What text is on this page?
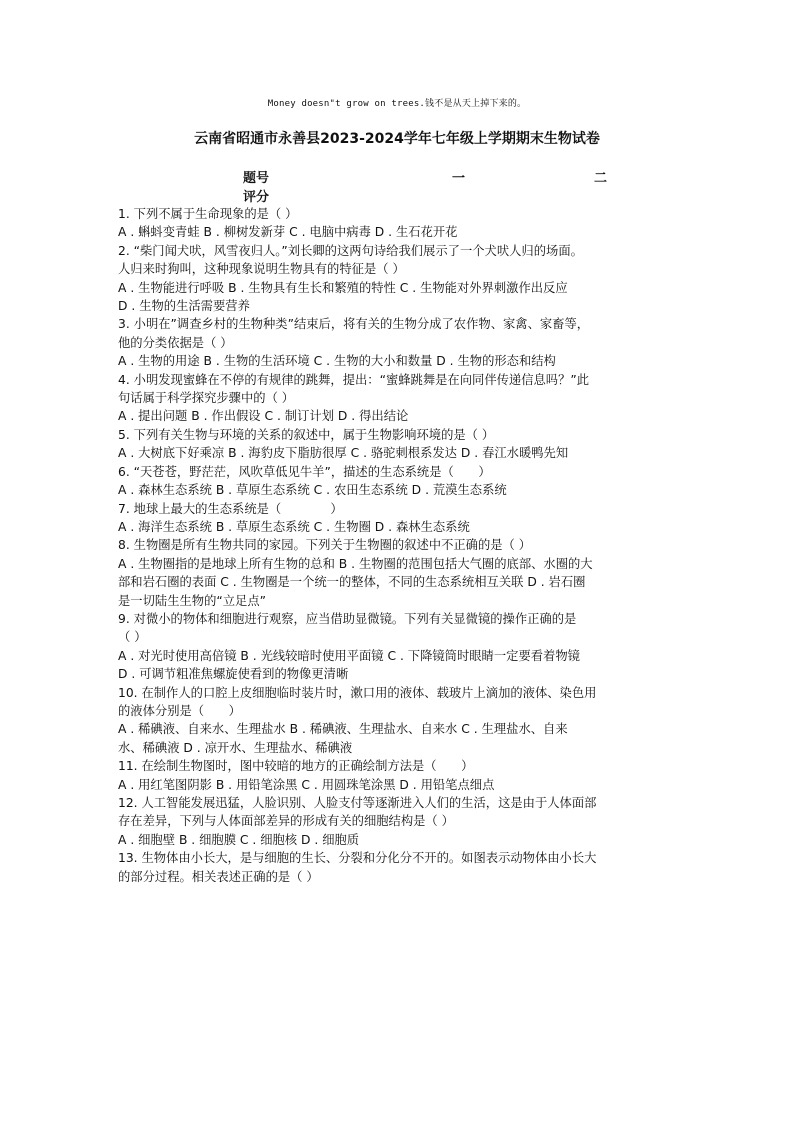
Money doesn"t grow on trees.钱不是从天上掉下来的。
云南省昭通市永善县2023-2024学年七年级上学期期末生物试卷
题号	一	二
评分

1. 下列不属于生命现象的是（ ）

A . 蝌蚪变青蛙 B . 柳树发新芽 C . 电脑中病毒 D . 生石花开花

2. “柴门闻犬吠，风雪夜归人。”刘长卿的这两句诗给我们展示了一个犬吠人归的场面。

人归来时狗叫，这种现象说明生物具有的特征是（ ）

A . 生物能进行呼吸 B . 生物具有生长和繁殖的特性 C . 生物能对外界刺激作出反应

D . 生物的生活需要营养

3. 小明在”调查乡村的生物种类”结束后，将有关的生物分成了农作物、家禽、家畜等，

他的分类依据是（ ）

A . 生物的用途 B . 生物的生活环境 C . 生物的大小和数量 D . 生物的形态和结构

4. 小明发现蜜蜂在不停的有规律的跳舞，提出：“蜜蜂跳舞是在向同伴传递信息吗？”此

句话属于科学探究步骤中的（ ）

A . 提出问题 B . 作出假设 C . 制订计划 D . 得出结论

5. 下列有关生物与环境的关系的叙述中，属于生物影响环境的是（ ）

A . 大树底下好乘凉 B . 海豹皮下脂肪很厚 C . 骆驼刺根系发达 D . 春江水暖鸭先知

6. “天苍苍，野茫茫，风吹草低见牛羊”，描述的生态系统是（　　）

A . 森林生态系统 B . 草原生态系统 C . 农田生态系统 D . 荒漠生态系统

7. 地球上最大的生态系统是（　　　　）

A . 海洋生态系统 B . 草原生态系统 C . 生物圈 D . 森林生态系统

8. 生物圈是所有生物共同的家园。下列关于生物圈的叙述中不正确的是（ ）

A . 生物圈指的是地球上所有生物的总和 B . 生物圈的范围包括大气圈的底部、水圈的大

部和岩石圈的表面 C . 生物圈是一个统一的整体，不同的生态系统相互关联 D . 岩石圈

是一切陆生生物的“立足点”

9. 对微小的物体和细胞进行观察，应当借助显微镜。下列有关显微镜的操作正确的是

（ ）

A . 对光时使用高倍镜 B . 光线较暗时使用平面镜 C . 下降镜筒时眼睛一定要看着物镜

D . 可调节粗准焦螺旋使看到的物像更清晰

10. 在制作人的口腔上皮细胞临时装片时，漱口用的液体、载玻片上滴加的液体、染色用

的液体分别是（　　）

A . 稀碘液、自来水、生理盐水 B . 稀碘液、生理盐水、自来水 C . 生理盐水、自来

水、稀碘液 D . 凉开水、生理盐水、稀碘液

11. 在绘制生物图时，图中较暗的地方的正确绘制方法是（　　）

A . 用红笔图阴影 B . 用铅笔涂黑 C . 用圆珠笔涂黑 D . 用铅笔点细点

12. 人工智能发展迅猛，人脸识别、人脸支付等逐渐进入人们的生活，这是由于人体面部

存在差异，下列与人体面部差异的形成有关的细胞结构是（ ）

A . 细胞壁 B . 细胞膜 C . 细胞核 D . 细胞质

13. 生物体由小长大，是与细胞的生长、分裂和分化分不开的。如图表示动物体由小长大

的部分过程。相关表述正确的是（ ）
